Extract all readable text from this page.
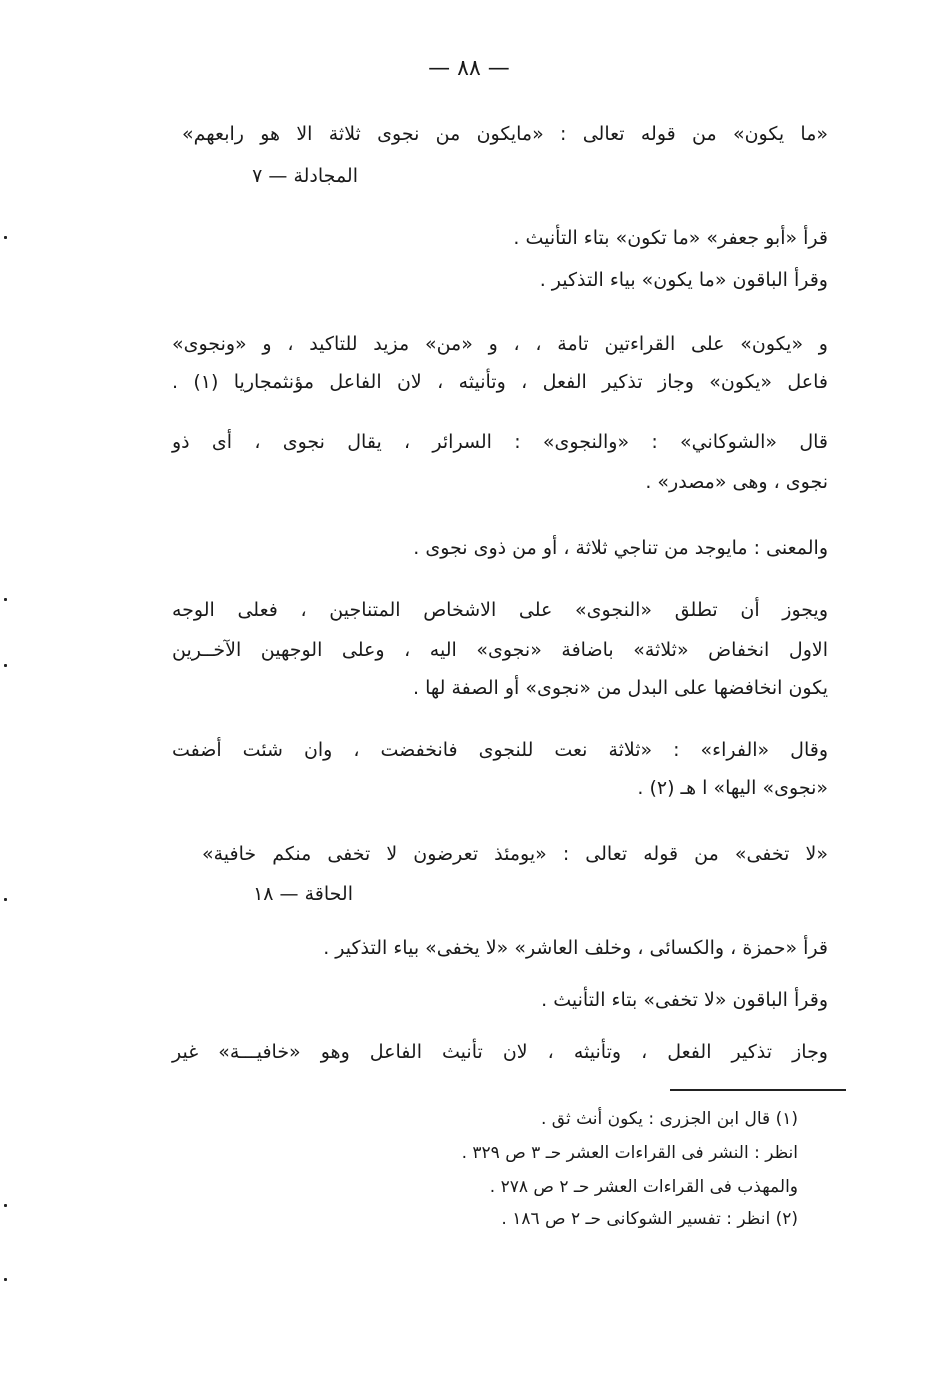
— ٨٨ —
«ما يكون» من قوله تعالى : «مايكون من نجوى ثلاثة الا هو رابعهم»
المجادلة — ٧
قرأ «أبو جعفر» «ما تكون» بتاء التأنيث .
وقرأ الباقون «ما يكون» بياء التذكير .
و «يكون» على القراءتين تامة ، ، و «من» مزيد للتاكيد ، و «ونجوى»
فاعل «يكون» وجاز تذكير الفعل ، وتأنيثه ، لان الفاعل مؤنثمجاريا (١) .
قال «الشوكاني» : «والنجوى» : السرائر ، يقال نجوى ، أى ذو
نجوى ، وهى «مصدر» .
والمعنى : مايوجد من تناجي ثلاثة ، أو من ذوى نجوى .
ويجوز أن تطلق «النجوى» على الاشخاص المتناجين ، فعلى الوجه
الاول انخفاض «ثلاثة» باضافة «نجوى» اليه ، وعلى الوجهين الآخــرين
يكون انخافضها على البدل من «نجوى» أو الصفة لها .
وقال «الفراء» : «ثلاثة نعت للنجوى فانخفضت ، وان شئت أضفت
«نجوى» اليها» ا هـ (٢) .
«لا تخفى» من قوله تعالى : «يومئذ تعرضون لا تخفى منكم خافية»
الحاقة — ١٨
قرأ «حمزة ، والكسائى ، وخلف العاشر» «لا يخفى» بياء التذكير .
وقرأ الباقون «لا تخفى» بتاء التأنيث .
وجاز تذكير الفعل ، وتأنيثه ، لان تأنيث الفاعل وهو «خافيـــة» غير
(١) قال ابن الجزرى : يكون أنث ثق .
انظر : النشر فى القراءات العشر حـ ٣ ص ٣٢٩ .
والمهذب فى القراءات العشر حـ ٢ ص ٢٧٨ .
(٢) انظر : تفسير الشوكانى حـ ٢ ص ١٨٦ .
